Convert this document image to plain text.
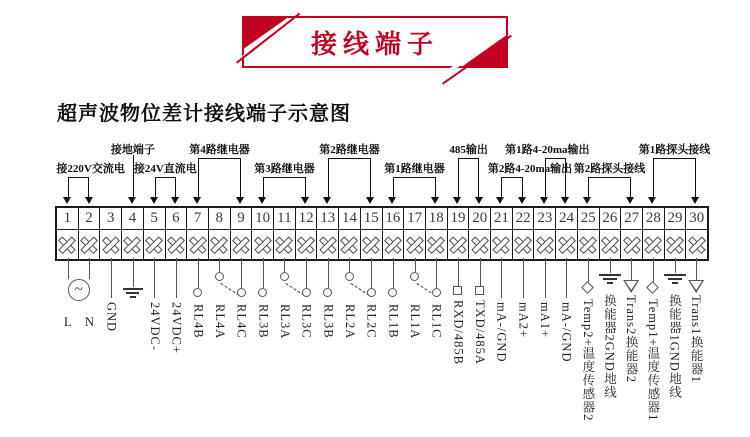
接线端子
超声波物位差计接线端子示意图
1 2 3 4 5 6 7 8 9 10 11 12 13 14 15 16 17 18 19 20 21 22 23 24 25 26 27 28 29 30
接220V交流电
接地端子
接24V直流电
第4路继电器
第3路继电器
第2路继电器
第1路继电器
485输出
第2路4-20ma输出
第1路4-20ma输出
第2路探头接线
第1路探头接线
L N GND 24VDC- 24VDC+ RL4B RL4A RL4C RL3B RL3A RL3C RL3B RL2A RL2C RL1B RL1A RL1C RXD/485B TXD/485A mA-/GND mA2+ mA1+ mA-/GND Temp2+温度传感器2 换能器2GND地线 Trans2换能器2 Temp1+温度传感器1 换能器1GND地线 Trans1换能器1
~
